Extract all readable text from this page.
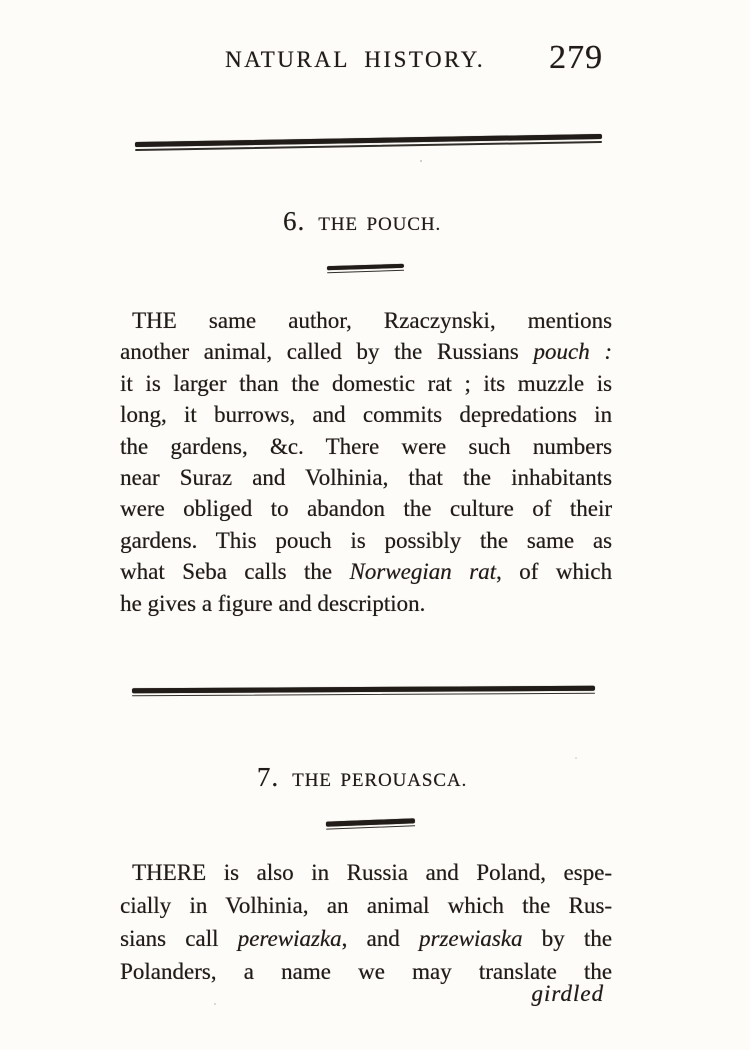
NATURAL HISTORY.	279
6. THE POUCH.
THE same author, Rzaczynski, mentions
another animal, called by the Russians pouch :
it is larger than the domestic rat ; its muzzle is
long, it burrows, and commits depredations in
the gardens, &c. There were such numbers
near Suraz and Volhinia, that the inhabitants
were obliged to abandon the culture of their
gardens. This pouch is possibly the same as
what Seba calls the Norwegian rat, of which
he gives a figure and description.
7. THE PEROUASCA.
THERE is also in Russia and Poland, espe-
cially in Volhinia, an animal which the Rus-
sians call perewiazka, and przewiaska by the
Polanders, a name we may translate the
girdled
